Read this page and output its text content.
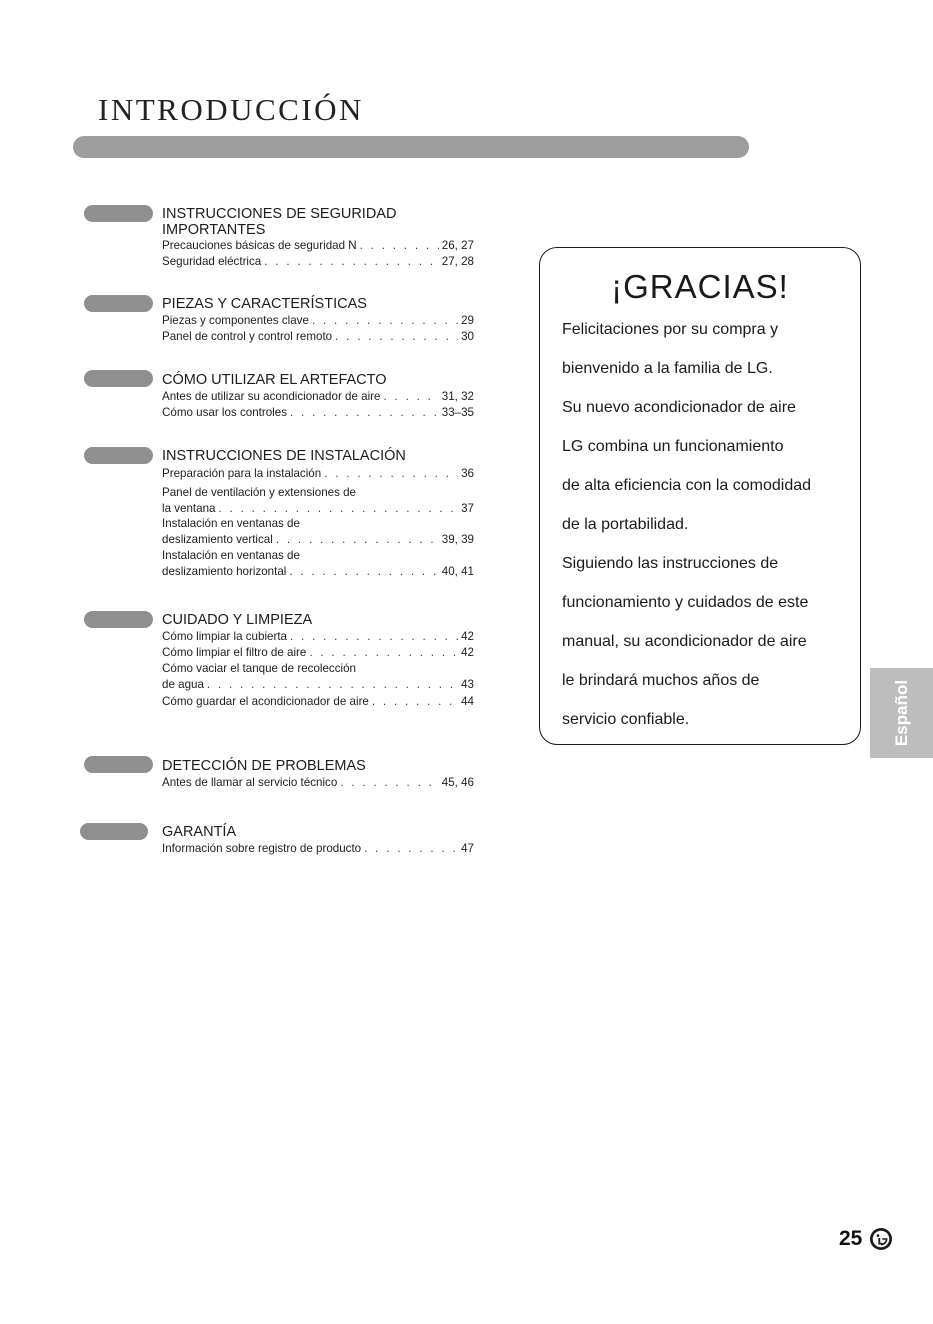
INTRODUCCIÓN
INSTRUCCIONES DE SEGURIDAD
IMPORTANTES
Precauciones básicas de seguridad N . . .	26, 27
Seguridad eléctrica . . .	27, 28
PIEZAS Y CARACTERÍSTICAS
Piezas y componentes clave . . .	29
Panel de control y control remoto . . .	30
CÓMO UTILIZAR EL ARTEFACTO
Antes de utilizar su acondicionador de aire . . .	31, 32
Cómo usar los controles . . .	33–35
INSTRUCCIONES DE INSTALACIÓN
Preparación para la instalación . . .	36
Panel de ventilación y extensiones de
la ventana . . .	37
Instalación en ventanas de
deslizamiento vertical . . .	39, 39
Instalación en ventanas de
deslizamiento horizontal . . .	40, 41
CUIDADO Y LIMPIEZA
Cómo limpiar la cubierta . . .	42
Cómo limpiar el filtro de aire . . .	42
Cómo vaciar el tanque de recolección
de agua . . .	43
Cómo guardar el acondicionador de aire . . .	44
DETECCIÓN DE PROBLEMAS
Antes de llamar al servicio técnico . . .	45, 46
GARANTÍA
Información sobre registro de producto . . .	47
¡GRACIAS!
Felicitaciones por su compra y
bienvenido a la familia de LG.
Su nuevo acondicionador de aire
LG combina un funcionamiento
de alta eficiencia con la comodidad
de la portabilidad.
Siguiendo las instrucciones de
funcionamiento y cuidados de este
manual, su acondicionador de aire
le brindará muchos años de
servicio confiable.	Español
25
